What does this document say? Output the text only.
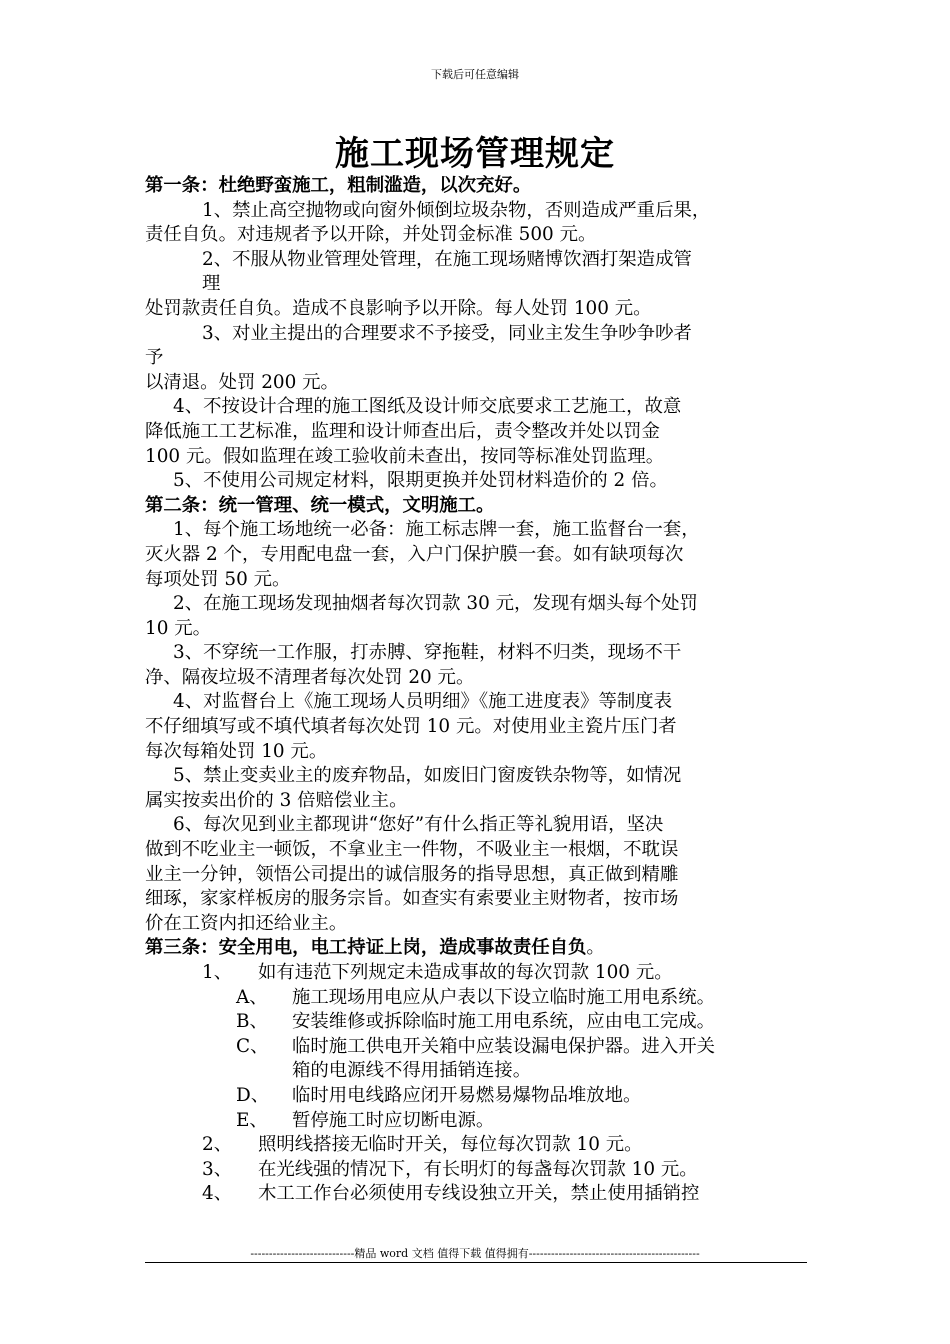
下载后可任意编辑
施工现场管理规定

第一条：杜绝野蛮施工，粗制滥造，以次充好。

1、禁止高空抛物或向窗外倾倒垃圾杂物，否则造成严重后果，

责任自负。对违规者予以开除，并处罚金标准 500 元。

2、不服从物业管理处管理，在施工现场赌博饮酒打架造成管

理

处罚款责任自负。造成不良影响予以开除。每人处罚 100 元。

3、对业主提出的合理要求不予接受，同业主发生争吵争吵者

予

以清退。处罚 200 元。

4、不按设计合理的施工图纸及设计师交底要求工艺施工，故意

降低施工工艺标准，监理和设计师查出后，责令整改并处以罚金

100 元。假如监理在竣工验收前未查出，按同等标准处罚监理。

5、不使用公司规定材料，限期更换并处罚材料造价的 2 倍。

第二条：统一管理、统一模式，文明施工。

1、每个施工场地统一必备：施工标志牌一套，施工监督台一套，

灭火器 2 个，专用配电盘一套，入户门保护膜一套。如有缺项每次

每项处罚 50 元。

2、在施工现场发现抽烟者每次罚款 30 元，发现有烟头每个处罚

10 元。

3、不穿统一工作服，打赤膊、穿拖鞋，材料不归类，现场不干

净、隔夜垃圾不清理者每次处罚 20 元。

4、对监督台上《施工现场人员明细》《施工进度表》等制度表

不仔细填写或不填代填者每次处罚 10 元。对使用业主瓷片压门者

每次每箱处罚 10 元。

5、禁止变卖业主的废弃物品，如废旧门窗废铁杂物等，如情况

属实按卖出价的 3 倍赔偿业主。

6、每次见到业主都现讲“您好”有什么指正等礼貌用语，坚决

做到不吃业主一顿饭，不拿业主一件物，不吸业主一根烟，不耽误

业主一分钟，领悟公司提出的诚信服务的指导思想，真正做到精雕

细琢，家家样板房的服务宗旨。如查实有索要业主财物者，按市场

价在工资内扣还给业主。

第三条：安全用电，电工持证上岗，造成事故责任自负。

1、	如有违范下列规定未造成事故的每次罚款 100 元。

A、	施工现场用电应从户表以下设立临时施工用电系统。

B、	安装维修或拆除临时施工用电系统，应由电工完成。

C、	临时施工供电开关箱中应装设漏电保护器。进入开关

箱的电源线不得用插销连接。

D、	临时用电线路应闭开易燃易爆物品堆放地。

E、	暂停施工时应切断电源。

2、	照明线搭接无临时开关，每位每次罚款 10 元。

3、	在光线强的情况下，有长明灯的每盏每次罚款 10 元。

4、	木工工作台必须使用专线设独立开关，禁止使用插销控

----------------------------精品 word 文档 值得下载 值得拥有----------------------------------------------
